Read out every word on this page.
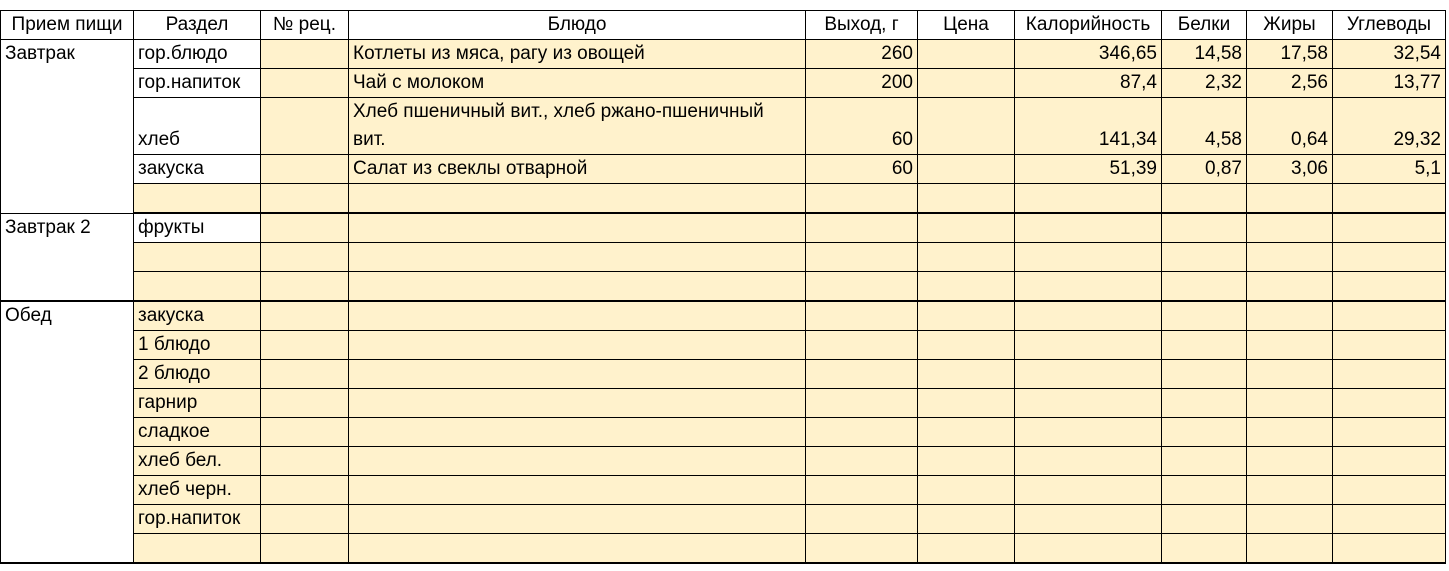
Прием пищи	Раздел	№ рец.	Блюдо	Выход, г	Цена	Калорийность	Белки	Жиры	Углеводы
Завтрак	гор.блюдо		Котлеты из мяса, рагу из овощей	260		346,65	14,58	17,58	32,54
	гор.напиток		Чай с молоком	200		87,4	2,32	2,56	13,77
	хлеб		Хлеб пшеничный вит., хлеб ржано-пшеничный вит.	60		141,34	4,58	0,64	29,32
	закуска		Салат из свеклы отварной	60		51,39	0,87	3,06	5,1

Завтрак 2	фрукты								

Обед	закуска								
	1 блюдо								
	2 блюдо								
	гарнир								
	сладкое								
	хлеб бел.								
	хлеб черн.								
	гор.напиток								
